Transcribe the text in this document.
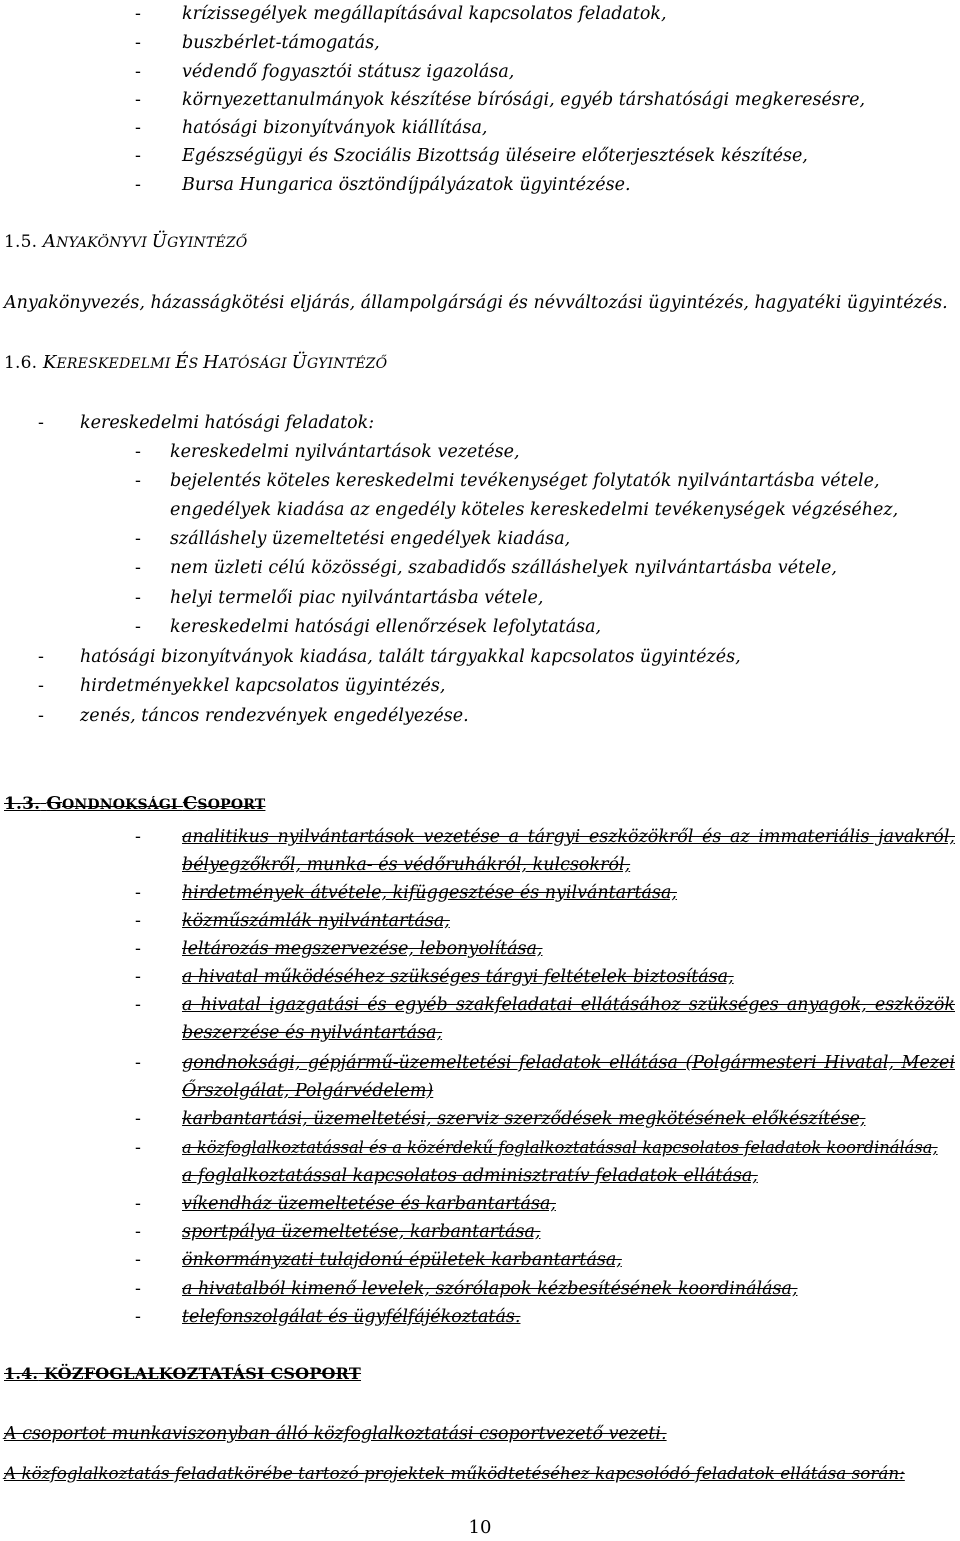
- krízissegélyek megállapításával kapcsolatos feladatok,
- buszbérlet-támogatás,
- védendő fogyasztói státusz igazolása,
- környezettanulmányok készítése bírósági, egyéb társhatósági megkeresésre,
- hatósági bizonyítványok kiállítása,
- Egészségügyi és Szociális Bizottság üléseire előterjesztések készítése,
- Bursa Hungarica ösztöndíjpályázatok ügyintézése.
1.5. ANYAKÖNYVI ÜGYINTÉZŐ
Anyakönyvezés, házasságkötési eljárás, állampolgársági és névváltozási ügyintézés, hagyatéki ügyintézés.
1.6. KERESKEDELMI ÉS HATÓSÁGI ÜGYINTÉZŐ
- kereskedelmi hatósági feladatok:
- kereskedelmi nyilvántartások vezetése,
- bejelentés köteles kereskedelmi tevékenységet folytatók nyilvántartásba vétele,
engedélyek kiadása az engedély köteles kereskedelmi tevékenységek végzéséhez,
- szálláshely üzemeltetési engedélyek kiadása,
- nem üzleti célú közösségi, szabadidős szálláshelyek nyilvántartásba vétele,
- helyi termelői piac nyilvántartásba vétele,
- kereskedelmi hatósági ellenőrzések lefolytatása,
- hatósági bizonyítványok kiadása, talált tárgyakkal kapcsolatos ügyintézés,
- hirdetményekkel kapcsolatos ügyintézés,
- zenés, táncos rendezvények engedélyezése.
1.3. GONDNOKSÁGI CSOPORT
- analitikus nyilvántartások vezetése a tárgyi eszközökről és az immateriális javakról,
bélyegzőkről, munka- és védőruhákról, kulcsokról,
- hirdetmények átvétele, kifüggesztése és nyilvántartása,
- közműszámlák nyilvántartása,
- leltározás megszervezése, lebonyolítása,
- a hivatal működéséhez szükséges tárgyi feltételek biztosítása,
- a hivatal igazgatási és egyéb szakfeladatai ellátásához szükséges anyagok, eszközök
beszerzése és nyilvántartása,
- gondnoksági, gépjármű-üzemeltetési feladatok ellátása (Polgármesteri Hivatal, Mezei
Őrszolgálat, Polgárvédelem)
- karbantartási, üzemeltetési, szerviz szerződések megkötésének előkészítése,
-	a közfoglalkoztatással és a közérdekű foglalkoztatással kapcsolatos feladatok koordinálása,
a foglalkoztatással kapcsolatos adminisztratív feladatok ellátása,
- víkendház üzemeltetése és karbantartása,
- sportpálya üzemeltetése, karbantartása,
- önkormányzati tulajdonú épületek karbantartása,
- a hivatalból kimenő levelek, szórólapok kézbesítésének koordinálása,
- telefonszolgálat és ügyfélfájékoztatás.
1.4. KÖZFOGLALKOZTATÁSI CSOPORT
A csoportot munkaviszonyban álló közfoglalkoztatási csoportvezető vezeti.
A közfoglalkoztatás feladatkörébe tartozó projektek működtetéséhez kapcsolódó feladatok ellátása során:
10
